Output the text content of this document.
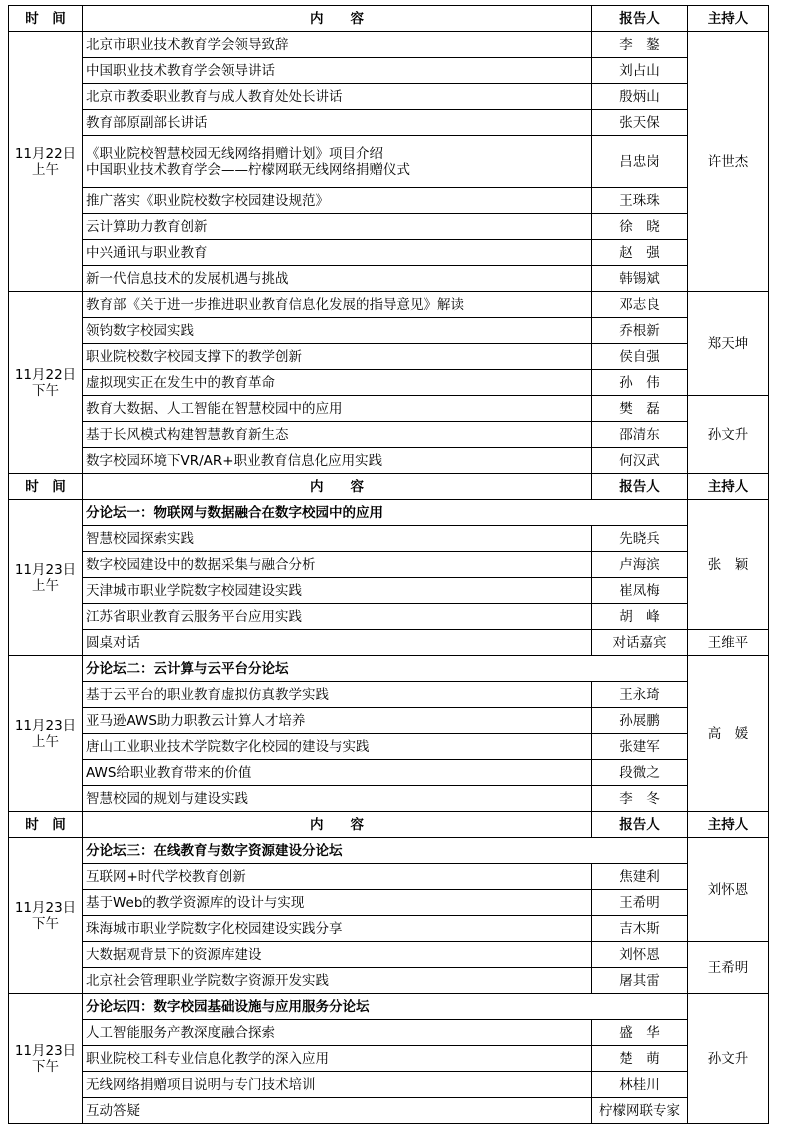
时　间	内　　容	报告人	主持人

11月22日
上午	北京市职业技术教育学会领导致辞	李　鏊	许世杰
	中国职业技术教育学会领导讲话	刘占山	
	北京市教委职业教育与成人教育处处长讲话	殷炳山	
	教育部原副部长讲话	张天保	

	《职业院校智慧校园无线网络捐赠计划》项目介绍
中国职业技术教育学会——柠檬网联无线网络捐赠仪式	吕忠岗	
	推广落实《职业院校数字校园建设规范》	王珠珠	
	云计算助力教育创新	徐　晓	
	中兴通讯与职业教育	赵　强	
	新一代信息技术的发展机遇与挑战	韩锡斌	

11月22日
下午	教育部《关于进一步推进职业教育信息化发展的指导意见》解读	邓志良	郑天坤
	领钧数字校园实践	乔根新	
	职业院校数字校园支撑下的教学创新	侯自强	
	虚拟现实正在发生中的教育革命	孙　伟	
	教育大数据、人工智能在智慧校园中的应用	樊　磊	孙文升
	基于长风模式构建智慧教育新生态	邵清东	
	数字校园环境下VR/AR+职业教育信息化应用实践	何汉武	
时　间	内　　容	报告人	主持人

11月23日
上午	分论坛一：物联网与数据融合在数字校园中的应用		张　颖
	智慧校园探索实践	先晓兵	
	数字校园建设中的数据采集与融合分析	卢海滨	
	天津城市职业学院数字校园建设实践	崔凤梅	
	江苏省职业教育云服务平台应用实践	胡　峰	
	圆桌对话	对话嘉宾	王维平

11月23日
上午	分论坛二：云计算与云平台分论坛		高　媛
	基于云平台的职业教育虚拟仿真教学实践	王永琦	
	亚马逊AWS助力职教云计算人才培养	孙展鹏	
	唐山工业职业技术学院数字化校园的建设与实践	张建军	
	AWS给职业教育带来的价值	段微之	
	智慧校园的规划与建设实践	李　冬	
时　间	内　　容	报告人	主持人

11月23日
下午	分论坛三：在线教育与数字资源建设分论坛		刘怀恩
	互联网+时代学校教育创新	焦建利	
	基于Web的教学资源库的设计与实现	王希明	
	珠海城市职业学院数字化校园建设实践分享	吉木斯	
	大数据观背景下的资源库建设	刘怀恩	王希明
	北京社会管理职业学院数字资源开发实践	屠其雷	

11月23日
下午	分论坛四：数字校园基础设施与应用服务分论坛		孙文升
	人工智能服务产教深度融合探索	盛　华	
	职业院校工科专业信息化教学的深入应用	楚　萌	
	无线网络捐赠项目说明与专门技术培训	林桂川	
	互动答疑	柠檬网联专家	
